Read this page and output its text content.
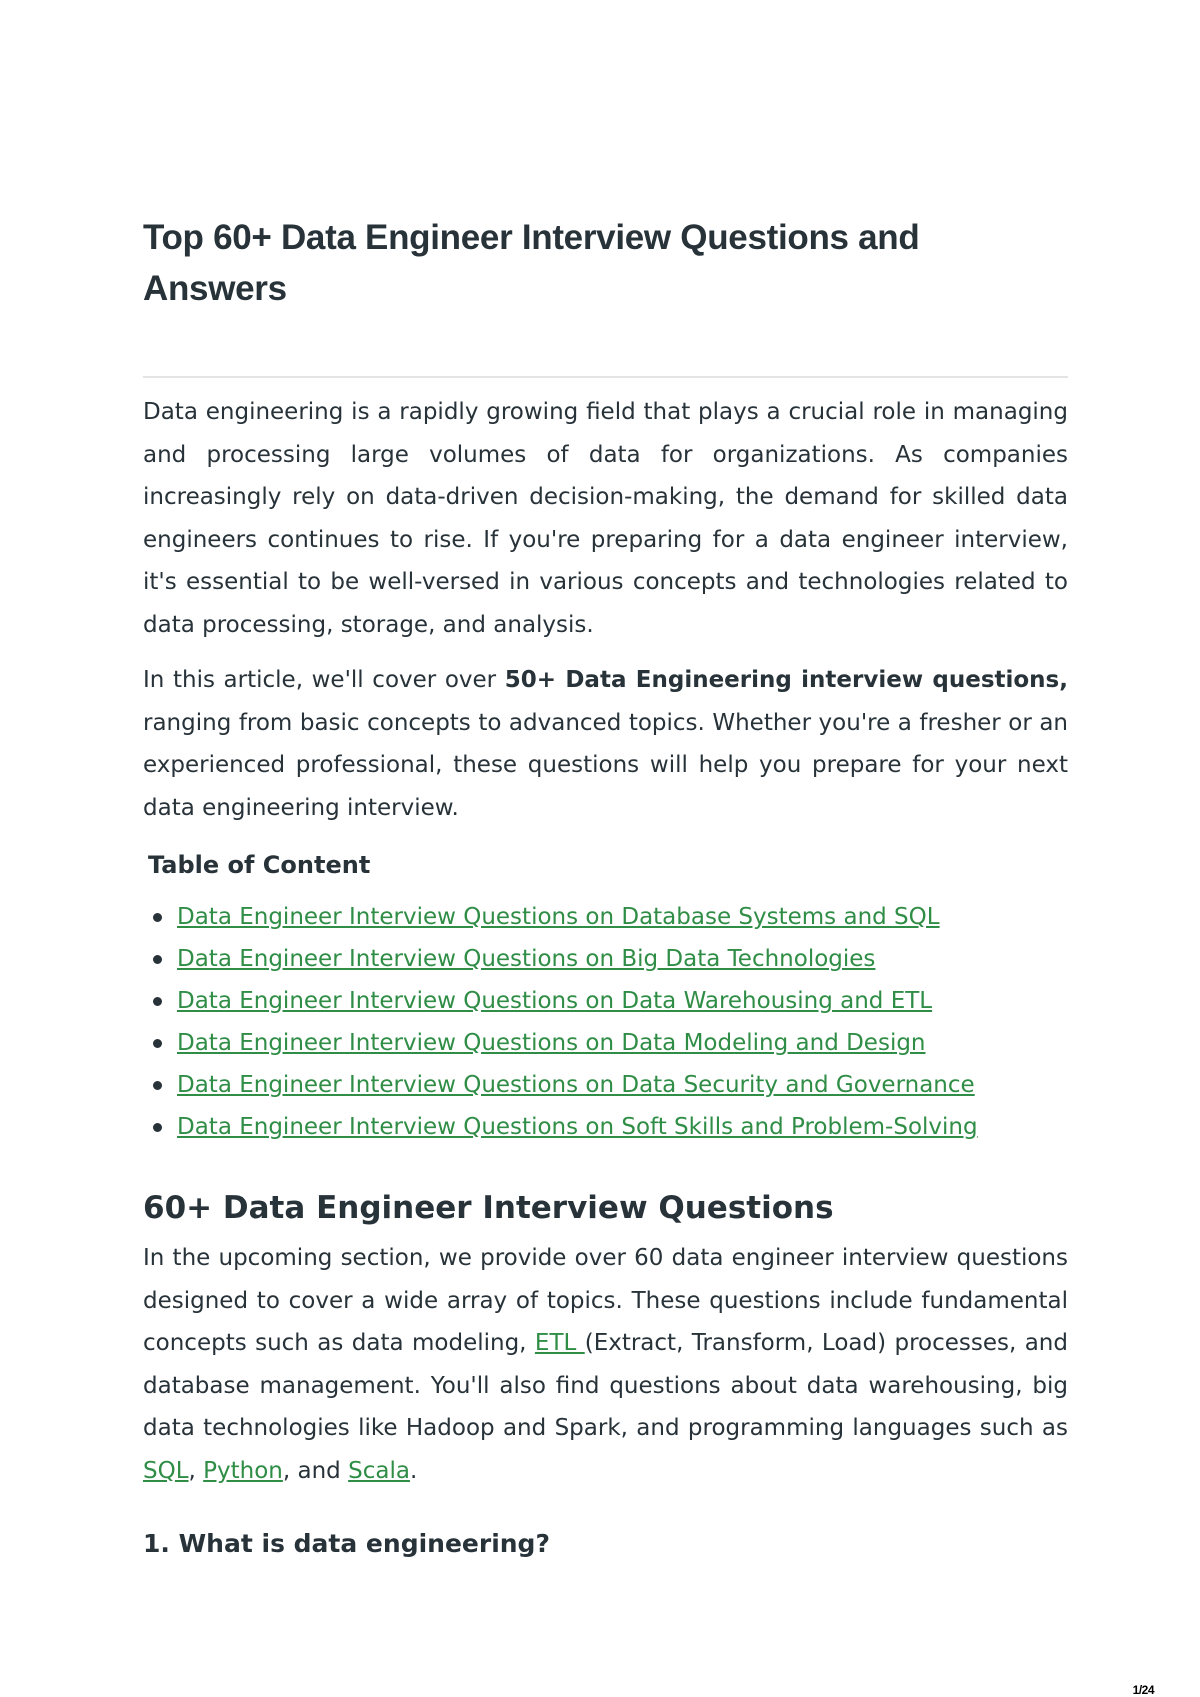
Top 60+ Data Engineer Interview Questions and Answers

Data engineering is a rapidly growing field that plays a crucial role in managing and processing large volumes of data for organizations. As companies increasingly rely on data-driven decision-making, the demand for skilled data engineers continues to rise. If you're preparing for a data engineer interview, it's essential to be well-versed in various concepts and technologies related to data processing, storage, and analysis.

In this article, we'll cover over 50+ Data Engineering interview questions, ranging from basic concepts to advanced topics. Whether you're a fresher or an experienced professional, these questions will help you prepare for your next data engineering interview.

Table of Content
Data Engineer Interview Questions on Database Systems and SQL
Data Engineer Interview Questions on Big Data Technologies
Data Engineer Interview Questions on Data Warehousing and ETL
Data Engineer Interview Questions on Data Modeling and Design
Data Engineer Interview Questions on Data Security and Governance
Data Engineer Interview Questions on Soft Skills and Problem-Solving
60+ Data Engineer Interview Questions

In the upcoming section, we provide over 60 data engineer interview questions designed to cover a wide array of topics. These questions include fundamental concepts such as data modeling, ETL (Extract, Transform, Load) processes, and database management. You'll also find questions about data warehousing, big data technologies like Hadoop and Spark, and programming languages such as SQL, Python, and Scala.

1. What is data engineering?
1/24
